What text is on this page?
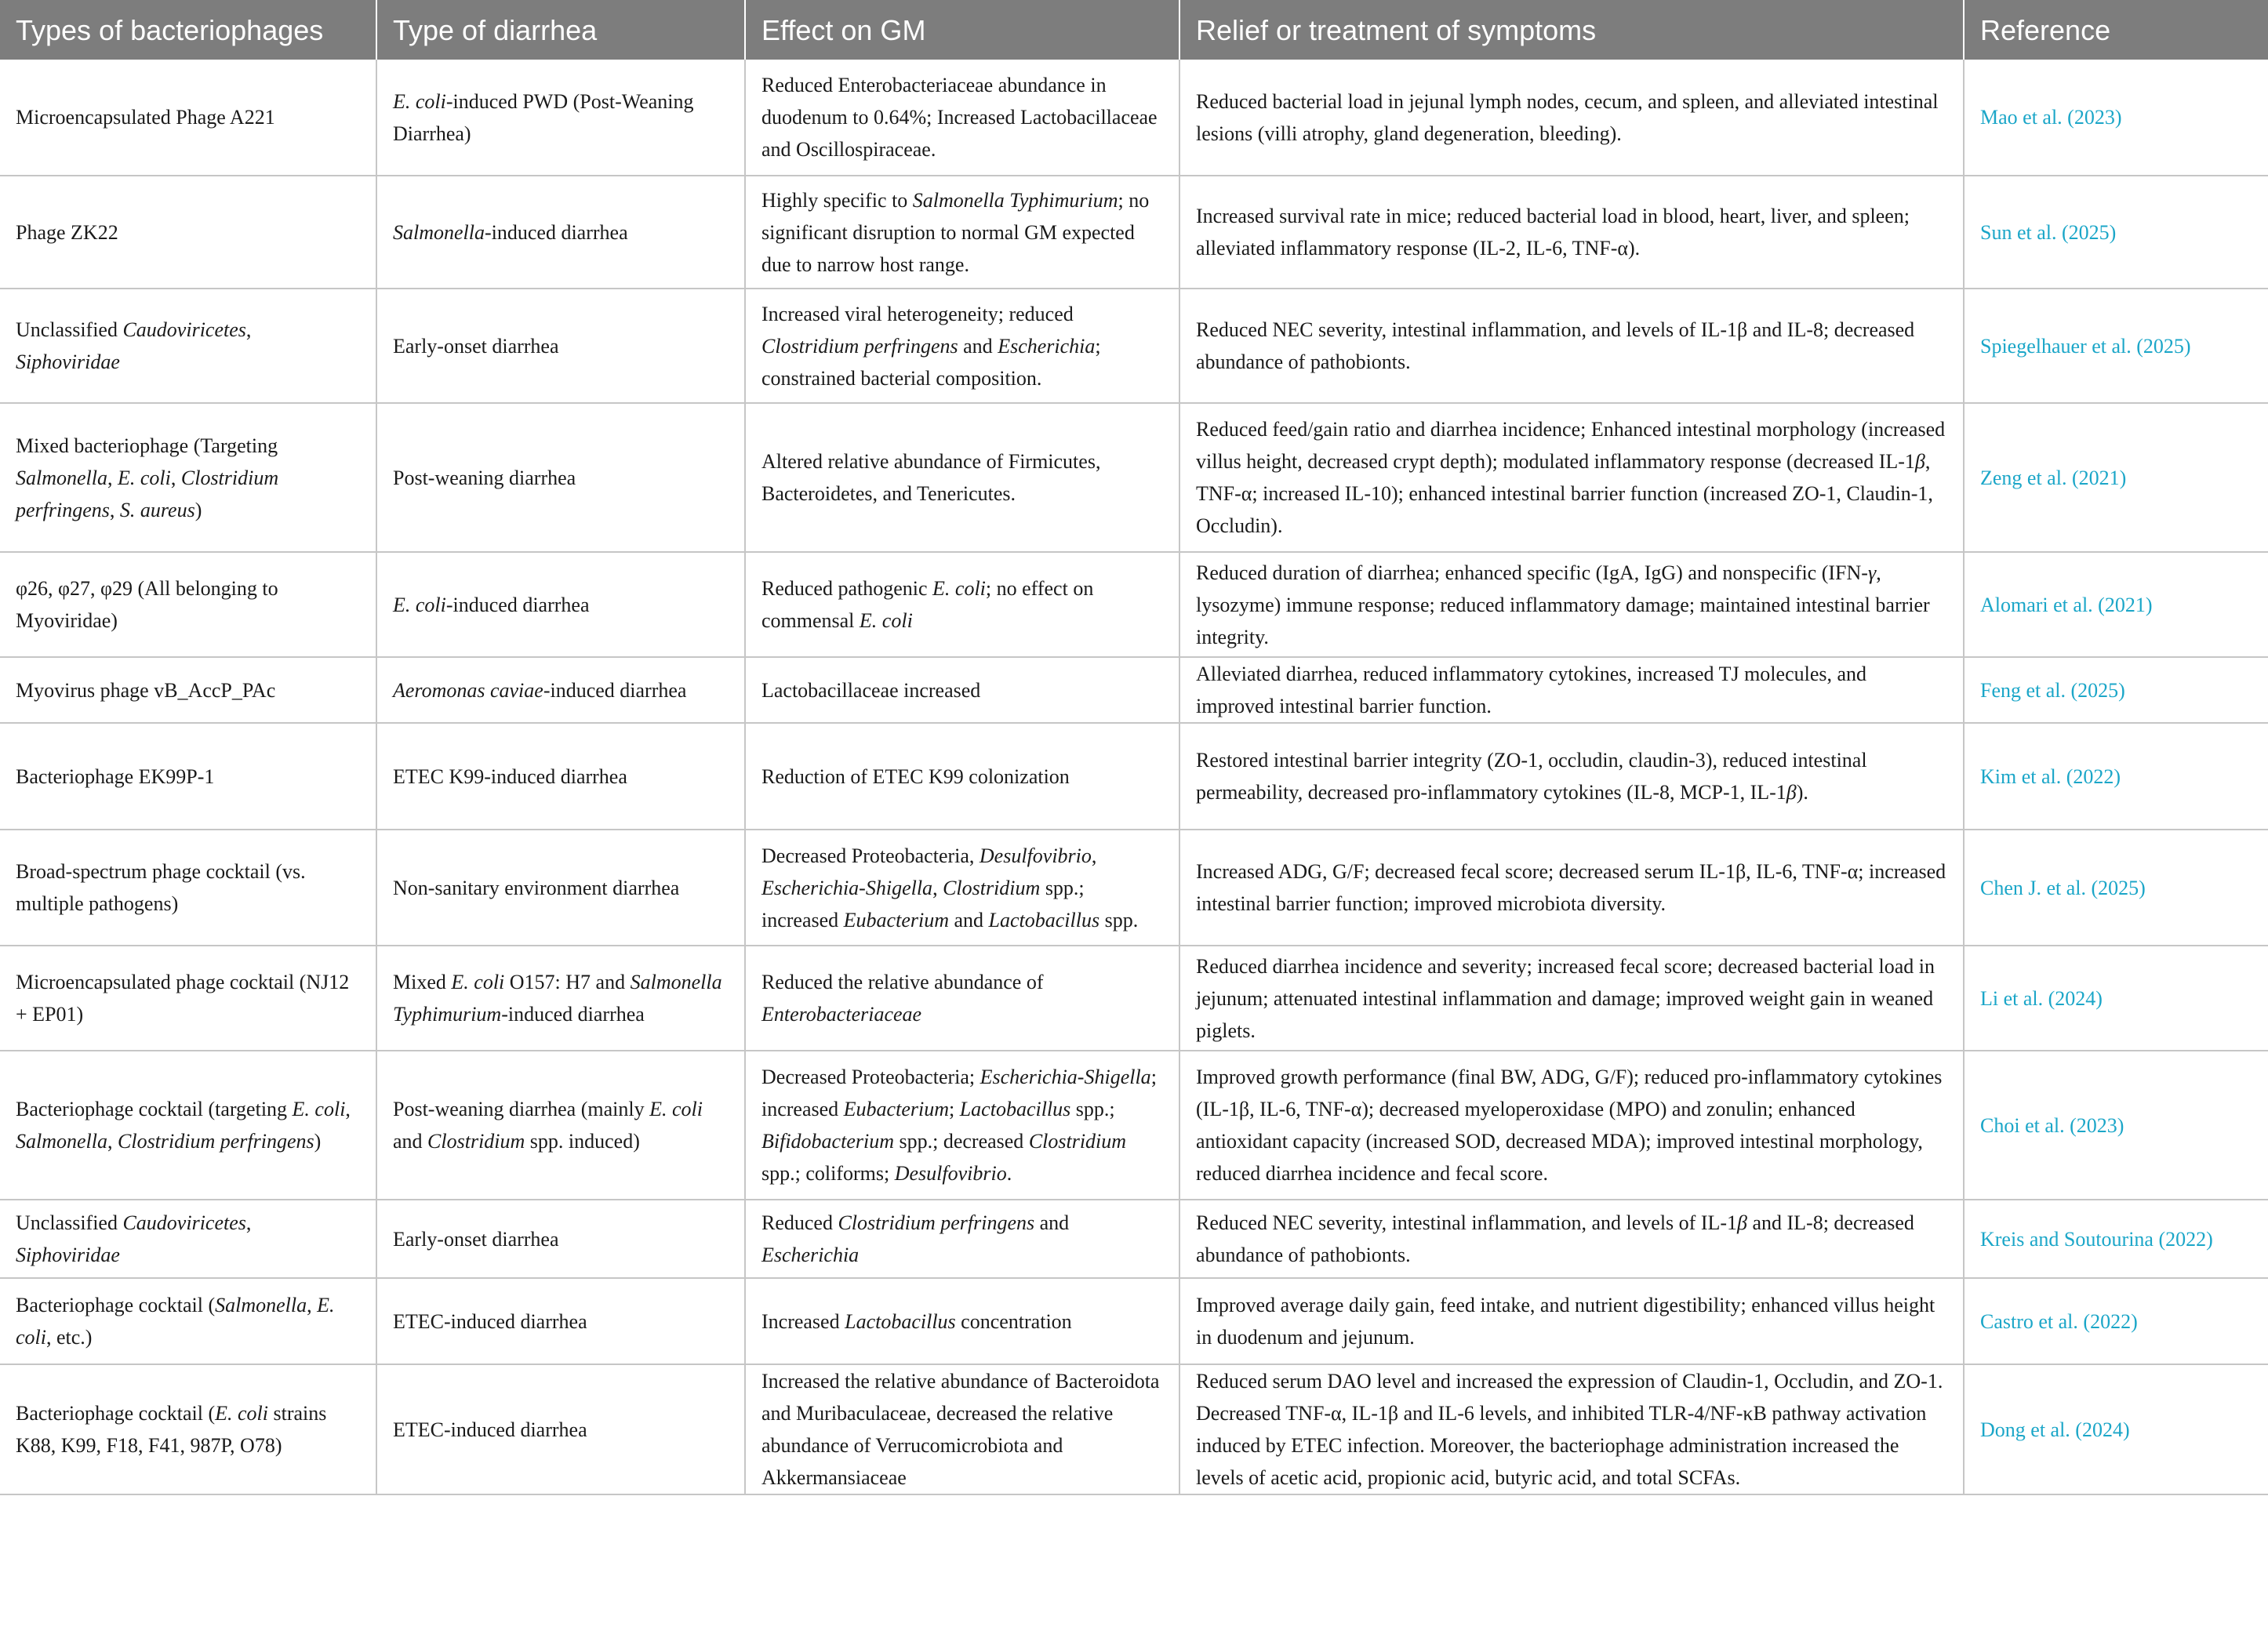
Types of bacteriophages	Type of diarrhea	Effect on GM	Relief or treatment of symptoms	Reference
Microencapsulated Phage A221	E. coli-induced PWD (Post-Weaning Diarrhea)	Reduced Enterobacteriaceae abundance in duodenum to 0.64%; Increased Lactobacillaceae and Oscillospiraceae.	Reduced bacterial load in jejunal lymph nodes, cecum, and spleen, and alleviated intestinal lesions (villi atrophy, gland degeneration, bleeding).	Mao et al. (2023)
Phage ZK22	Salmonella-induced diarrhea	Highly specific to Salmonella Typhimurium; no significant disruption to normal GM expected due to narrow host range.	Increased survival rate in mice; reduced bacterial load in blood, heart, liver, and spleen; alleviated inflammatory response (IL-2, IL-6, TNF-α).	Sun et al. (2025)
Unclassified Caudoviricetes, Siphoviridae	Early-onset diarrhea	Increased viral heterogeneity; reduced Clostridium perfringens and Escherichia; constrained bacterial composition.	Reduced NEC severity, intestinal inflammation, and levels of IL-1β and IL-8; decreased abundance of pathobionts.	Spiegelhauer et al. (2025)
Mixed bacteriophage (Targeting Salmonella, E. coli, Clostridium perfringens, S. aureus)	Post-weaning diarrhea	Altered relative abundance of Firmicutes, Bacteroidetes, and Tenericutes.	Reduced feed/gain ratio and diarrhea incidence; Enhanced intestinal morphology (increased villus height, decreased crypt depth); modulated inflammatory response (decreased IL-1β, TNF-α; increased IL-10); enhanced intestinal barrier function (increased ZO-1, Claudin-1, Occludin).	Zeng et al. (2021)
φ26, φ27, φ29 (All belonging to Myoviridae)	E. coli-induced diarrhea	Reduced pathogenic E. coli; no effect on commensal E. coli	Reduced duration of diarrhea; enhanced specific (IgA, IgG) and nonspecific (IFN-γ, lysozyme) immune response; reduced inflammatory damage; maintained intestinal barrier integrity.	Alomari et al. (2021)
Myovirus phage vB_AccP_PAc	Aeromonas caviae-induced diarrhea	Lactobacillaceae increased	Alleviated diarrhea, reduced inflammatory cytokines, increased TJ molecules, and improved intestinal barrier function.	Feng et al. (2025)
Bacteriophage EK99P-1	ETEC K99-induced diarrhea	Reduction of ETEC K99 colonization	Restored intestinal barrier integrity (ZO-1, occludin, claudin-3), reduced intestinal permeability, decreased pro-inflammatory cytokines (IL-8, MCP-1, IL-1β).	Kim et al. (2022)
Broad-spectrum phage cocktail (vs. multiple pathogens)	Non-sanitary environment diarrhea	Decreased Proteobacteria, Desulfovibrio, Escherichia-Shigella, Clostridium spp.; increased Eubacterium and Lactobacillus spp.	Increased ADG, G/F; decreased fecal score; decreased serum IL-1β, IL-6, TNF-α; increased intestinal barrier function; improved microbiota diversity.	Chen J. et al. (2025)
Microencapsulated phage cocktail (NJ12 + EP01)	Mixed E. coli O157: H7 and Salmonella Typhimurium-induced diarrhea	Reduced the relative abundance of Enterobacteriaceae	Reduced diarrhea incidence and severity; increased fecal score; decreased bacterial load in jejunum; attenuated intestinal inflammation and damage; improved weight gain in weaned piglets.	Li et al. (2024)
Bacteriophage cocktail (targeting E. coli, Salmonella, Clostridium perfringens)	Post-weaning diarrhea (mainly E. coli and Clostridium spp. induced)	Decreased Proteobacteria; Escherichia-Shigella; increased Eubacterium; Lactobacillus spp.; Bifidobacterium spp.; decreased Clostridium spp.; coliforms; Desulfovibrio.	Improved growth performance (final BW, ADG, G/F); reduced pro-inflammatory cytokines (IL-1β, IL-6, TNF-α); decreased myeloperoxidase (MPO) and zonulin; enhanced antioxidant capacity (increased SOD, decreased MDA); improved intestinal morphology, reduced diarrhea incidence and fecal score.	Choi et al. (2023)
Unclassified Caudoviricetes, Siphoviridae	Early-onset diarrhea	Reduced Clostridium perfringens and Escherichia	Reduced NEC severity, intestinal inflammation, and levels of IL-1β and IL-8; decreased abundance of pathobionts.	Kreis and Soutourina (2022)
Bacteriophage cocktail (Salmonella, E. coli, etc.)	ETEC-induced diarrhea	Increased Lactobacillus concentration	Improved average daily gain, feed intake, and nutrient digestibility; enhanced villus height in duodenum and jejunum.	Castro et al. (2022)
Bacteriophage cocktail (E. coli strains K88, K99, F18, F41, 987P, O78)	ETEC-induced diarrhea	Increased the relative abundance of Bacteroidota and Muribaculaceae, decreased the relative abundance of Verrucomicrobiota and Akkermansiaceae	Reduced serum DAO level and increased the expression of Claudin-1, Occludin, and ZO-1. Decreased TNF-α, IL-1β and IL-6 levels, and inhibited TLR-4/NF-κB pathway activation induced by ETEC infection. Moreover, the bacteriophage administration increased the levels of acetic acid, propionic acid, butyric acid, and total SCFAs.	Dong et al. (2024)
